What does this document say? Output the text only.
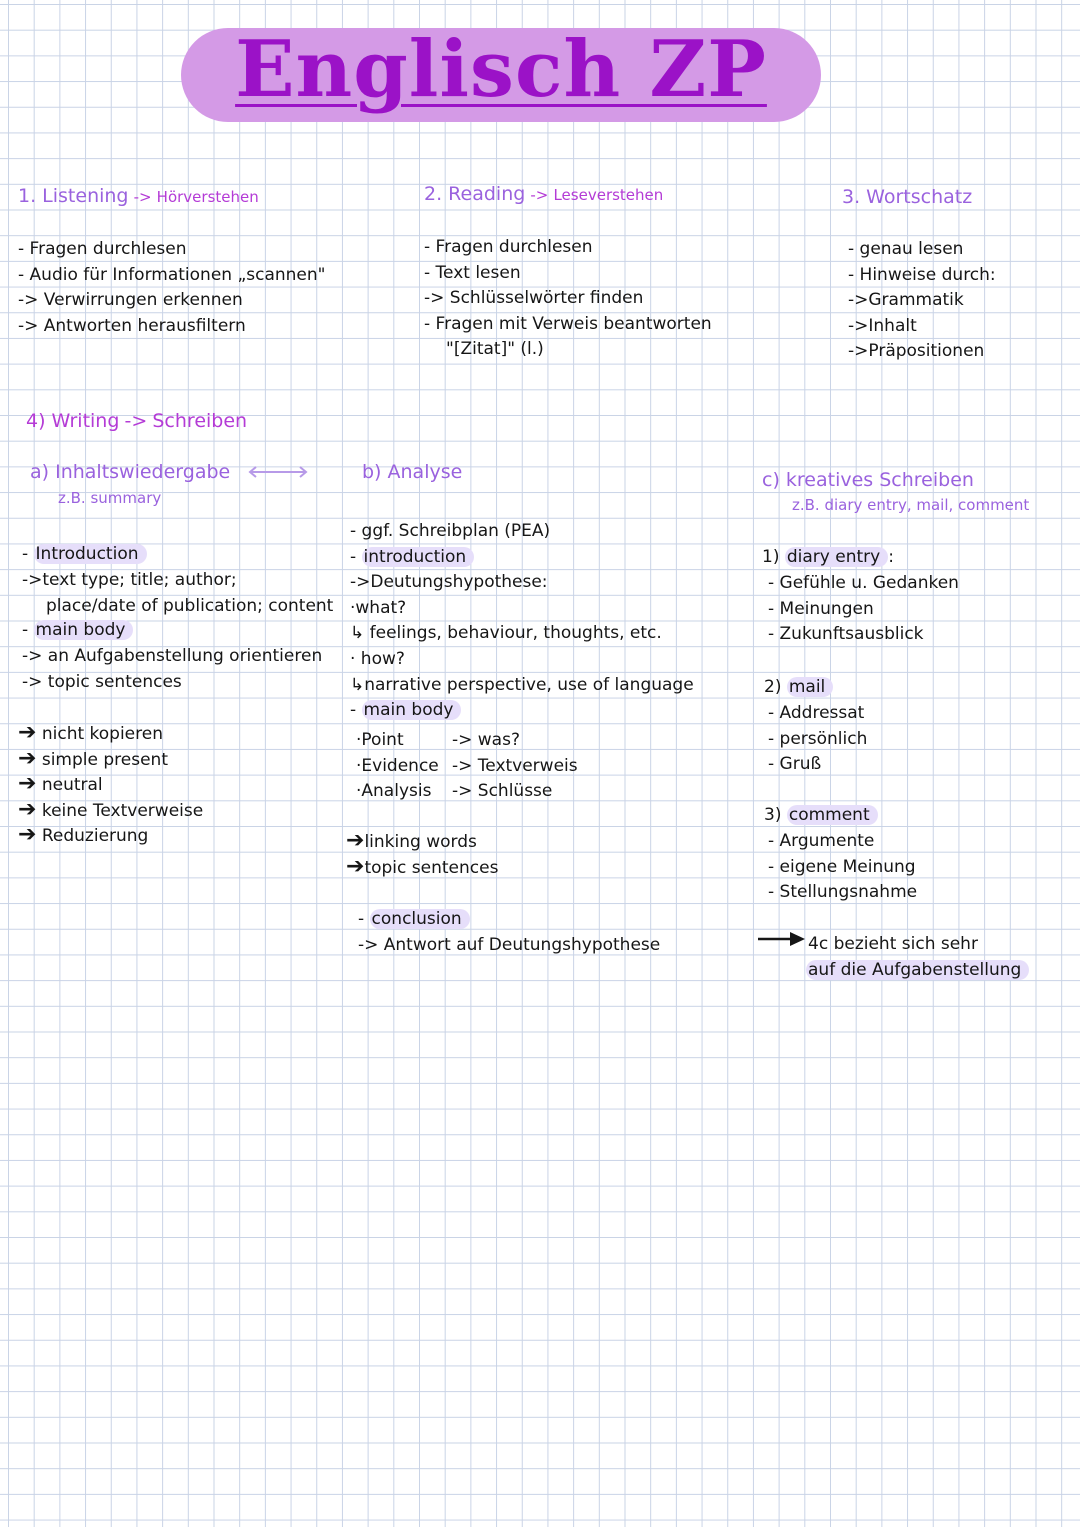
Englisch ZP
1. Listening -> Hörverstehen
- Fragen durchlesen
- Audio für Informationen „scannen"
-> Verwirrungen erkennen
-> Antworten herausfiltern
2. Reading -> Leseverstehen
- Fragen durchlesen
- Text lesen
-> Schlüsselwörter finden
- Fragen mit Verweis beantworten
"[Zitat]" (l.)
3. Wortschatz
- genau lesen
- Hinweise durch:
->Grammatik
->Inhalt
->Präpositionen
4) Writing -> Schreiben
a) Inhaltswiedergabe
z.B. summary
- Introduction
->text type; title; author;
place/date of publication; content
- main body
-> an Aufgabenstellung orientieren
-> topic sentences
➔ nicht kopieren
➔ simple present
➔ neutral
➔ keine Textverweise
➔ Reduzierung
b) Analyse
- ggf. Schreibplan (PEA)
- introduction
->Deutungshypothese:
·what?
↳ feelings, behaviour, thoughts, etc.
· how?
↳narrative perspective, use of language
- main body
·Point	-> was?
·Evidence -> Textverweis
·Analysis -> Schlüsse
➔linking words
➔topic sentences
- conclusion
-> Antwort auf Deutungshypothese
c) kreatives Schreiben
z.B. diary entry, mail, comment
1) diary entry :
- Gefühle u. Gedanken
- Meinungen
- Zukunftsausblick
2) mail
- Addressat
- persönlich
- Gruß
3) comment
- Argumente
- eigene Meinung
- Stellungsnahme
4c bezieht sich sehr
auf die Aufgabenstellung
